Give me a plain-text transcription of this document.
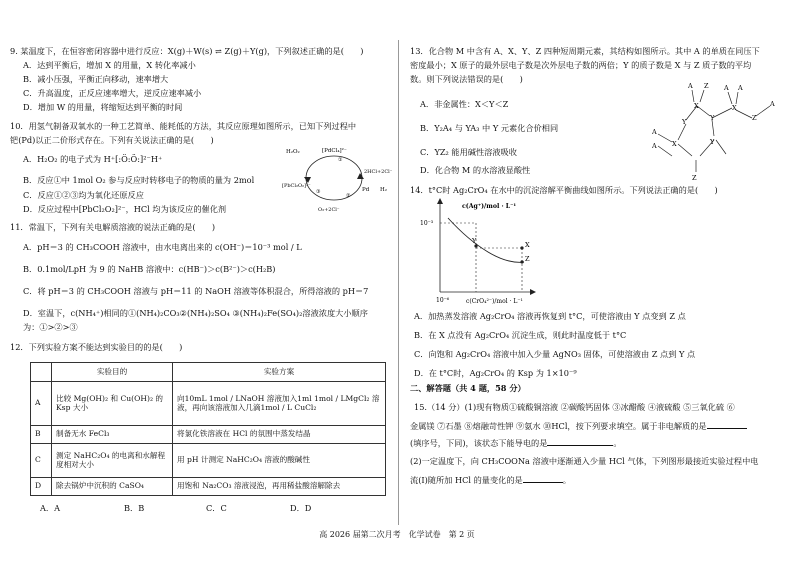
9. 某温度下，在恒容密闭容器中进行反应：X(g)＋W(s) ⇌ Z(g)＋Y(g)，下列叙述正确的是(　　)
A．达到平衡后，增加 X 的用量，X 转化率减小
B．减小压强，平衡正向移动，速率增大
C．升高温度，正反应速率增大，逆反应速率减小
D．增加 W 的用量，将缩短达到平衡的时间
10．用氢气制备双氧水的一种工艺简单、能耗低的方法，其反应原理如图所示，已知下列过程中
钯(Pd)以正二价形式存在。下列有关说法正确的是(　　)
A．H₂O₂ 的电子式为 H⁺[:Ö:Ö:]²⁻H⁺
B．反应①中 1mol O₂ 参与反应时转移电子的物质的量为 2mol
C．反应①②③均为氧化还原反应
D．反应过程中[PbCl₂O₂]²⁻，HCl 均为该反应的催化剂
H₂O₂	[PdCl₄]²⁻
2HCl+2Cl⁻
Pd H₂
[PbCl₂O₂]²⁻
O₂+2Cl⁻
①
②
③
11．常温下，下列有关电解质溶液的说法正确的是(　　)
A．pH＝3 的 CH₃COOH 溶液中，由水电离出来的 c(OH⁻)＝10⁻³ mol / L
B．0.1mol/LpH 为 9 的 NaHB 溶液中：c(HB⁻)＞c(B²⁻)＞c(H₂B)
C．将 pH＝3 的 CH₃COOH 溶液与 pH＝11 的 NaOH 溶液等体积混合，所得溶液的 pH＝7
D．室温下，c(NH₄⁺)相同的①(NH₄)₂CO₃②(NH₄)₂SO₄ ③(NH₄)₂Fe(SO₄)₂溶液浓度大小顺序
为：①>②>③
12．下列实验方案不能达到实验目的的是(　　)
	实验目的	实验方案
A	比较 Mg(OH)₂ 和 Cu(OH)₂ 的 Ksp 大小	向10mL 1mol / LNaOH 溶液加入1ml 1mol / LMgCl₂ 溶液，再向该溶液加入几滴1mol / L CuCl₂
B	制备无水 FeCl₃	将氯化铁溶液在 HCl 的氛围中蒸发结晶
C	测定 NaHC₂O₄ 的电离和水解程度相对大小	用 pH 计测定 NaHC₂O₄ 溶液的酸碱性
D	除去锅炉中沉积的 CaSO₄	用饱和 Na₂CO₃ 溶液浸泡，再用稀盐酸溶解除去
A．A	B．B	C．C	D．D
13．化合物 M 中含有 A、X、Y、Z 四种短周期元素，其结构如图所示。其中 A 的单质在同压下
密度最小；X 原子的最外层电子数是次外层电子数的两倍；Y 的质子数是 X 与 Z 质子数的平均
数。则下列说法错误的是(　　)
A．非金属性：X＜Y＜Z
B．Y₂A₄ 与 YA₃ 中 Y 元素化合价相同
C．YZ₂ 能用碱性溶液吸收
D．化合物 M 的水溶液显酸性
A Z
X
Y
A
A X
Y
Z
A A
X
Y
Z
A
14．t°C时 Ag₂CrO₄ 在水中的沉淀溶解平衡曲线如图所示。下列说法正确的是(　　)
c(Ag⁺)/mol · L⁻¹
10⁻³
10⁻⁶	c(CrO₄²⁻)/mol · L⁻¹
Y	X
Z
A．加热蒸发溶液 Ag₂CrO₄ 溶液再恢复到 t°C，可使溶液由 Y 点变到 Z 点
B．在 X 点没有 Ag₂CrO₄ 沉淀生成，则此时温度低于 t°C
C．向饱和 Ag₂CrO₄ 溶液中加入少量 AgNO₃ 固体，可使溶液由 Z 点到 Y 点
D．在 t°C时，Ag₂CrO₄ 的 Ksp 为 1×10⁻⁹
二、解答题（共 4 题，58 分）
15.（14 分）(1)现有物质①硫酸铜溶液 ②碳酸钙固体 ③冰醋酸 ④液硫酸 ⑤三氧化硫 ⑥
金属镁 ⑦石墨 ⑧熔融苛性钾 ⑨氨水 ⑩HCl，按下列要求填空。属于非电解质的是
(填序号，下同)，该状态下能导电的是	。
(2)一定温度下，向 CH₃COONa 溶液中逐渐通入少量 HCl 气体，下列图形最接近实验过程中电
流(I)随所加 HCl 的量变化的是	。
高 2026 届第二次月考　化学试卷　第 2 页
